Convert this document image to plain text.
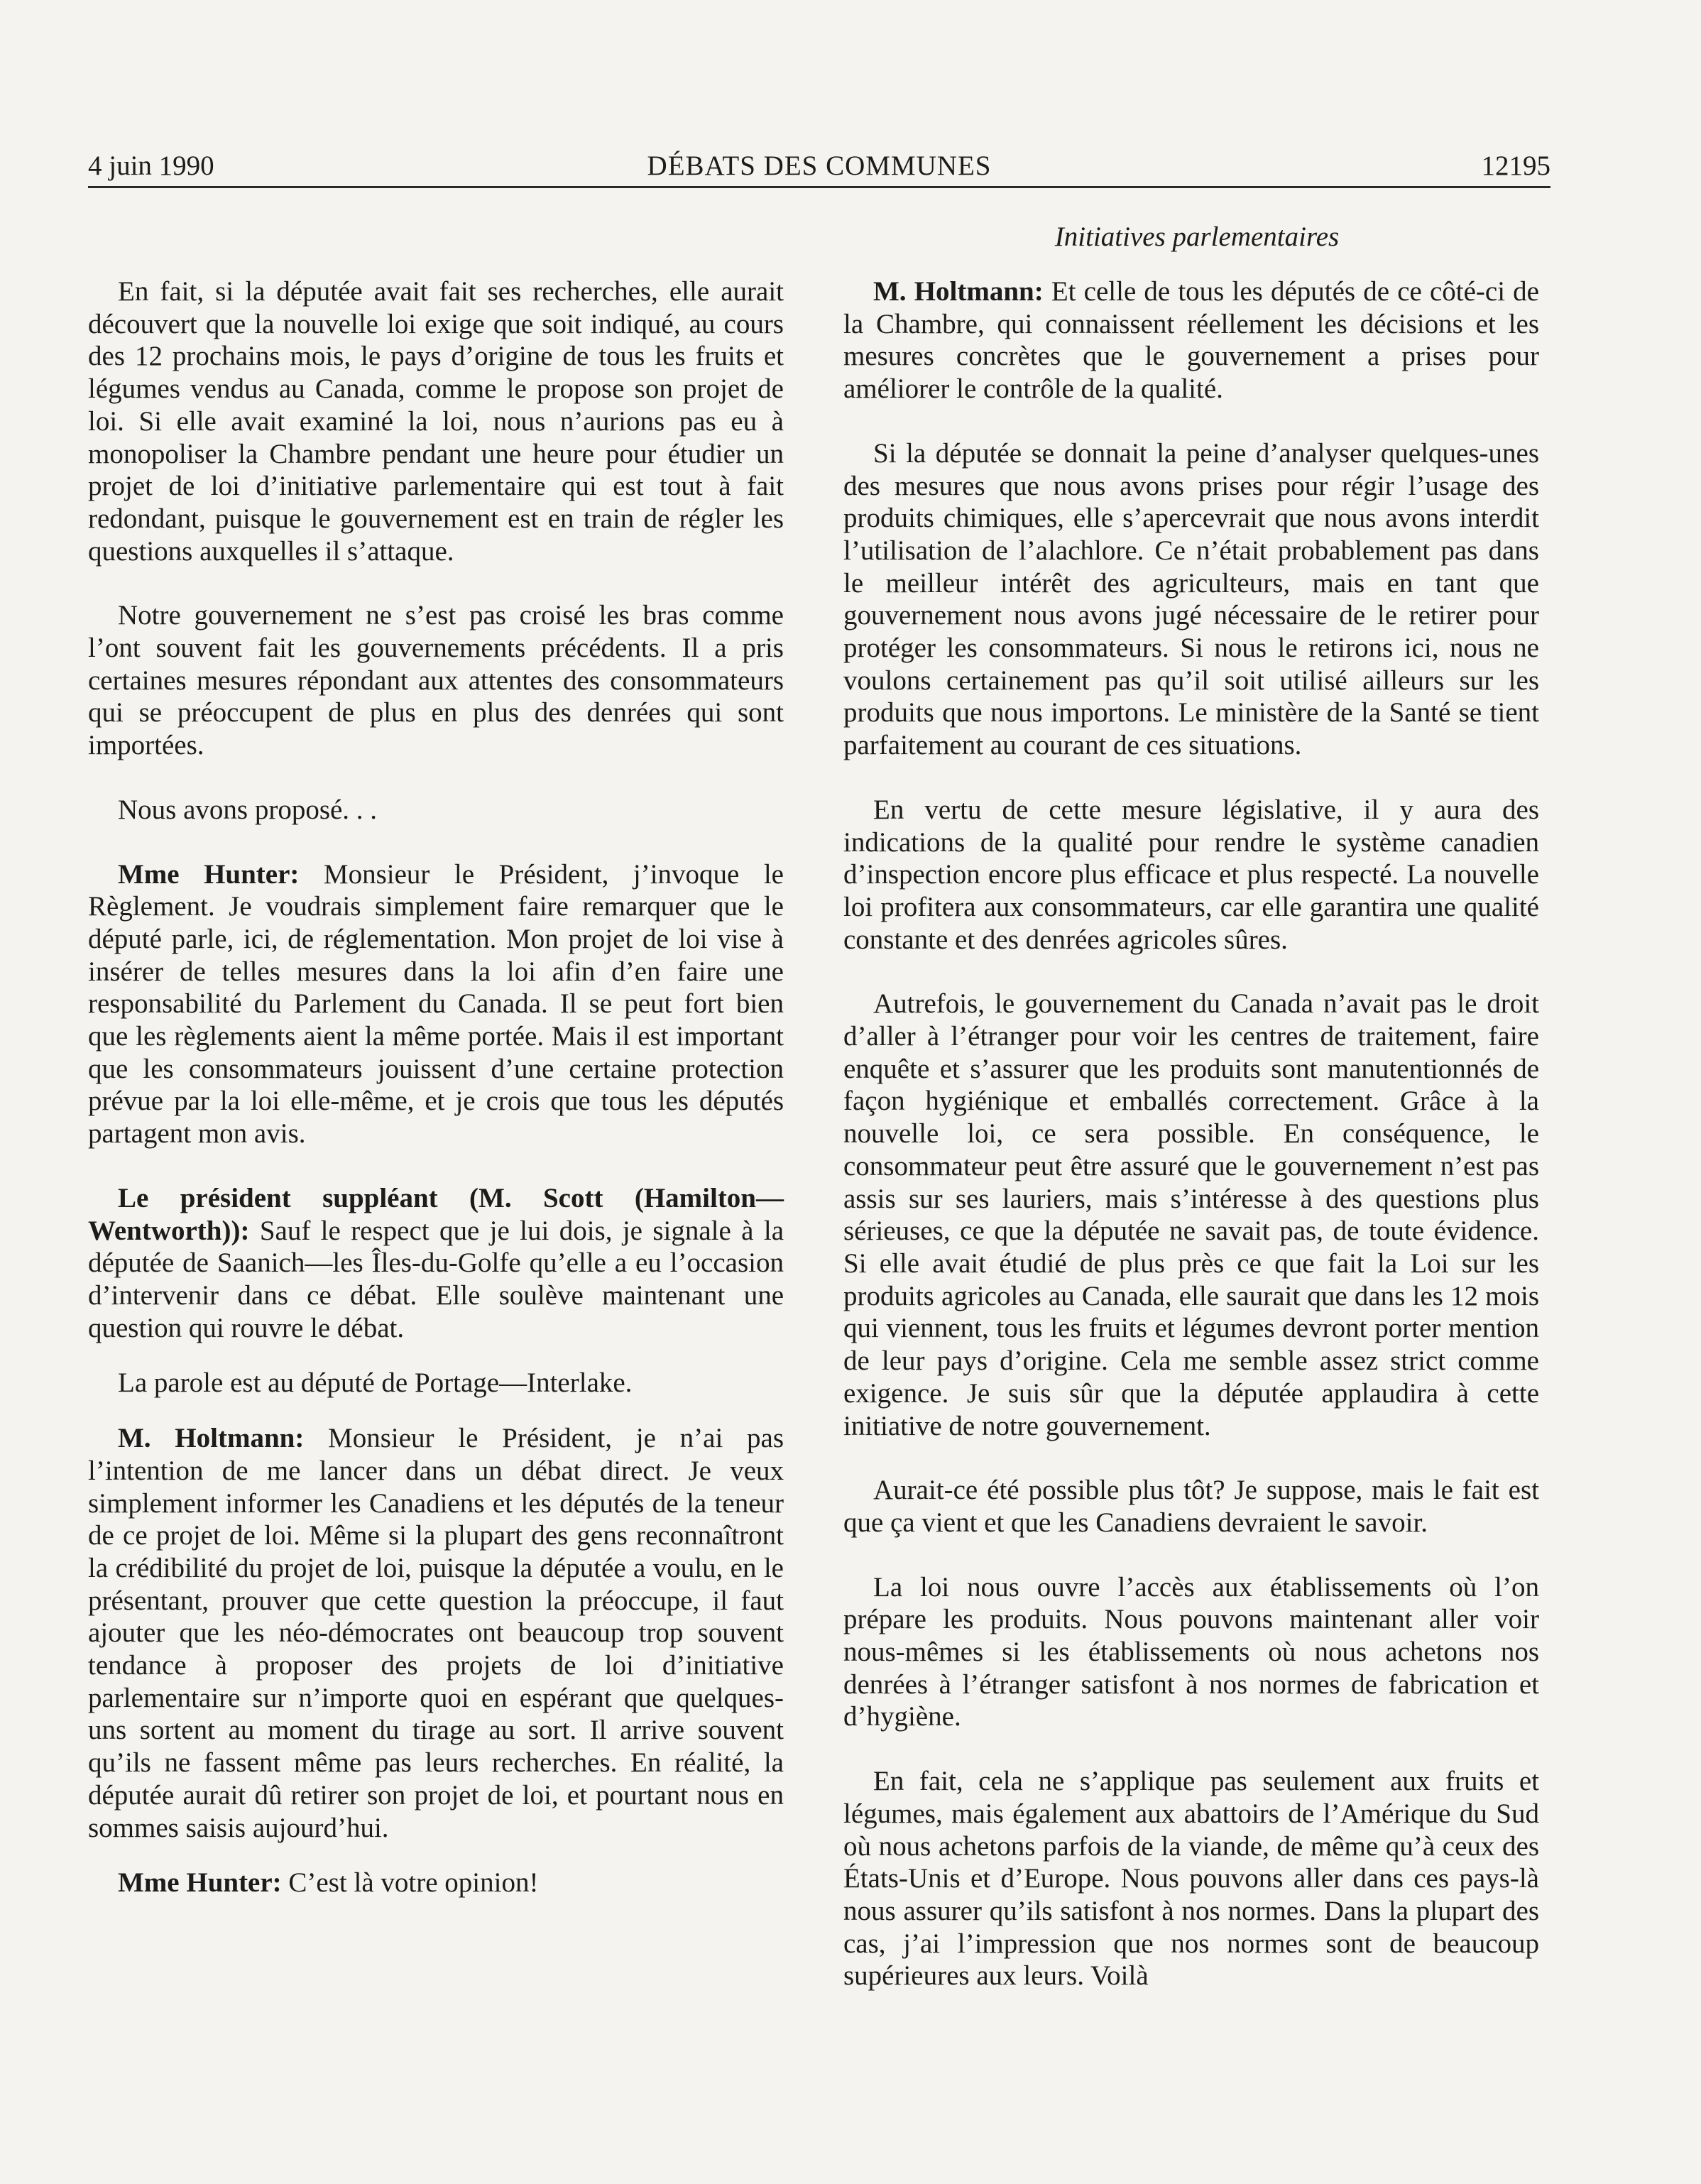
4 juin 1990	DÉBATS DES COMMUNES	12195
Initiatives parlementaires

En fait, si la députée avait fait ses recherches, elle aurait découvert que la nouvelle loi exige que soit indiqué, au cours des 12 prochains mois, le pays d’origine de tous les fruits et légumes vendus au Canada, comme le propose son projet de loi. Si elle avait examiné la loi, nous n’aurions pas eu à monopoliser la Chambre pendant une heure pour étudier un projet de loi d’initiative parlementaire qui est tout à fait redondant, puisque le gouvernement est en train de régler les questions auxquelles il s’attaque.

Notre gouvernement ne s’est pas croisé les bras comme l’ont souvent fait les gouvernements précédents. Il a pris certaines mesures répondant aux attentes des consommateurs qui se préoccupent de plus en plus des denrées qui sont importées.

Nous avons proposé. . .

Mme Hunter: Monsieur le Président, j’invoque le Règlement. Je voudrais simplement faire remarquer que le député parle, ici, de réglementation. Mon projet de loi vise à insérer de telles mesures dans la loi afin d’en faire une responsabilité du Parlement du Canada. Il se peut fort bien que les règlements aient la même portée. Mais il est important que les consommateurs jouissent d’une certaine protection prévue par la loi elle-même, et je crois que tous les députés partagent mon avis.

Le président suppléant (M. Scott (Hamilton—Wentworth)): Sauf le respect que je lui dois, je signale à la députée de Saanich—les Îles-du-Golfe qu’elle a eu l’occasion d’intervenir dans ce débat. Elle soulève maintenant une question qui rouvre le débat.

La parole est au député de Portage—Interlake.

M. Holtmann: Monsieur le Président, je n’ai pas l’intention de me lancer dans un débat direct. Je veux simplement informer les Canadiens et les députés de la teneur de ce projet de loi. Même si la plupart des gens reconnaîtront la crédibilité du projet de loi, puisque la députée a voulu, en le présentant, prouver que cette question la préoccupe, il faut ajouter que les néo-démocrates ont beaucoup trop souvent tendance à proposer des projets de loi d’initiative parlementaire sur n’importe quoi en espérant que quelques-uns sortent au moment du tirage au sort. Il arrive souvent qu’ils ne fassent même pas leurs recherches. En réalité, la députée aurait dû retirer son projet de loi, et pourtant nous en sommes saisis aujourd’hui.

Mme Hunter: C’est là votre opinion!

M. Holtmann: Et celle de tous les députés de ce côté-ci de la Chambre, qui connaissent réellement les décisions et les mesures concrètes que le gouvernement a prises pour améliorer le contrôle de la qualité.

Si la députée se donnait la peine d’analyser quelques-unes des mesures que nous avons prises pour régir l’usage des produits chimiques, elle s’apercevrait que nous avons interdit l’utilisation de l’alachlore. Ce n’était probablement pas dans le meilleur intérêt des agriculteurs, mais en tant que gouvernement nous avons jugé nécessaire de le retirer pour protéger les consommateurs. Si nous le retirons ici, nous ne voulons certainement pas qu’il soit utilisé ailleurs sur les produits que nous importons. Le ministère de la Santé se tient parfaitement au courant de ces situations.

En vertu de cette mesure législative, il y aura des indications de la qualité pour rendre le système canadien d’inspection encore plus efficace et plus respecté. La nouvelle loi profitera aux consommateurs, car elle garantira une qualité constante et des denrées agricoles sûres.

Autrefois, le gouvernement du Canada n’avait pas le droit d’aller à l’étranger pour voir les centres de traitement, faire enquête et s’assurer que les produits sont manutentionnés de façon hygiénique et emballés correctement. Grâce à la nouvelle loi, ce sera possible. En conséquence, le consommateur peut être assuré que le gouvernement n’est pas assis sur ses lauriers, mais s’intéresse à des questions plus sérieuses, ce que la députée ne savait pas, de toute évidence. Si elle avait étudié de plus près ce que fait la Loi sur les produits agricoles au Canada, elle saurait que dans les 12 mois qui viennent, tous les fruits et légumes devront porter mention de leur pays d’origine. Cela me semble assez strict comme exigence. Je suis sûr que la députée applaudira à cette initiative de notre gouvernement.

Aurait-ce été possible plus tôt? Je suppose, mais le fait est que ça vient et que les Canadiens devraient le savoir.

La loi nous ouvre l’accès aux établissements où l’on prépare les produits. Nous pouvons maintenant aller voir nous-mêmes si les établissements où nous achetons nos denrées à l’étranger satisfont à nos normes de fabrication et d’hygiène.

En fait, cela ne s’applique pas seulement aux fruits et légumes, mais également aux abattoirs de l’Amérique du Sud où nous achetons parfois de la viande, de même qu’à ceux des États-Unis et d’Europe. Nous pouvons aller dans ces pays-là nous assurer qu’ils satisfont à nos normes. Dans la plupart des cas, j’ai l’impression que nos normes sont de beaucoup supérieures aux leurs. Voilà
